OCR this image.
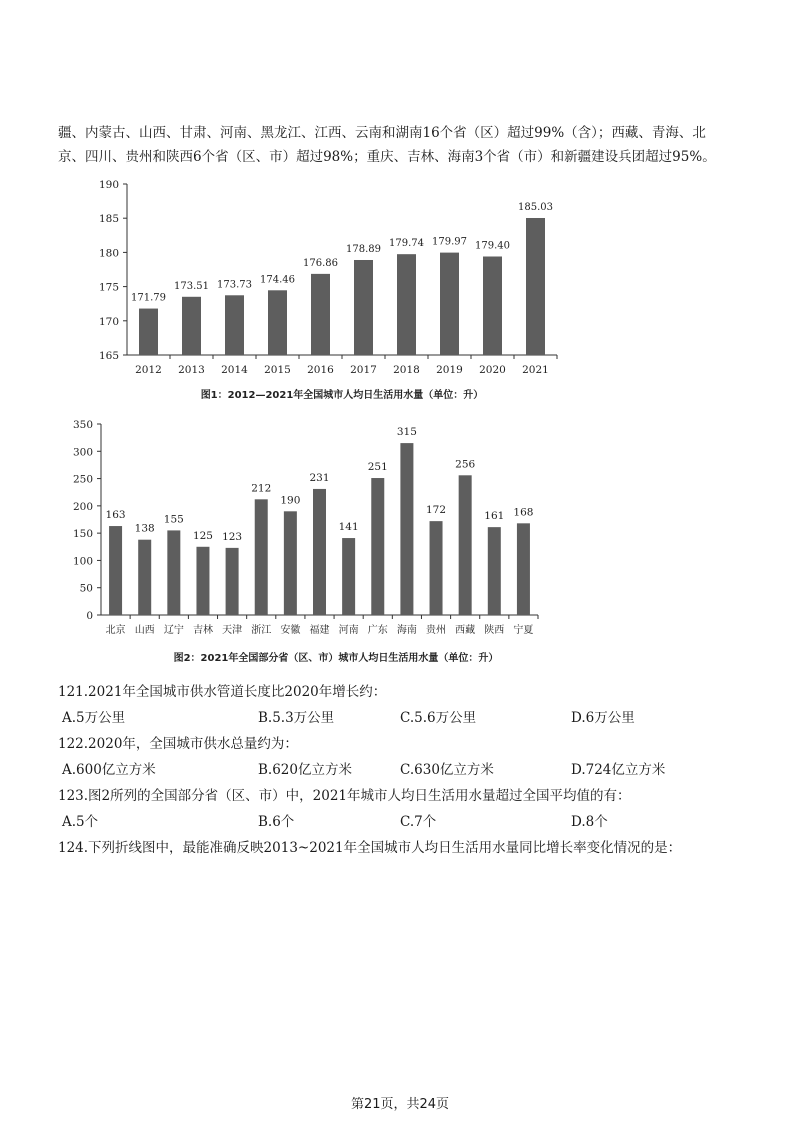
疆、内蒙古、山西、甘肃、河南、黑龙江、江西、云南和湖南16个省（区）超过99%（含）；西藏、青海、北
京、四川、贵州和陕西6个省（区、市）超过98%；重庆、吉林、海南3个省（市）和新疆建设兵团超过95%。
165
170
175
180
185
190
171.79
2012
173.51
2013
173.73
2014
174.46
2015
176.86
2016
178.89
2017
179.74
2018
179.97
2019
179.40
2020
185.03
2021
图1：2012—2021年全国城市人均日生活用水量（单位：升）
0
50
100
150
200
250
300
350
163
北京
138
山西
155
辽宁
125
吉林
123
天津
212
浙江
190
安徽
231
福建
141
河南
251
广东
315
海南
172
贵州
256
西藏
161
陕西
168
宁夏
图2：2021年全国部分省（区、市）城市人均日生活用水量（单位：升）
121.2021年全国城市供水管道长度比2020年增长约：
A.5万公里	B.5.3万公里	C.5.6万公里	D.6万公里
122.2020年，全国城市供水总量约为：
A.600亿立方米	B.620亿立方米	C.630亿立方米	D.724亿立方米
123.图2所列的全国部分省（区、市）中，2021年城市人均日生活用水量超过全国平均值的有：
A.5个	B.6个	C.7个	D.8个
124.下列折线图中，最能准确反映2013~2021年全国城市人均日生活用水量同比增长率变化情况的是：
第21页，共24页
